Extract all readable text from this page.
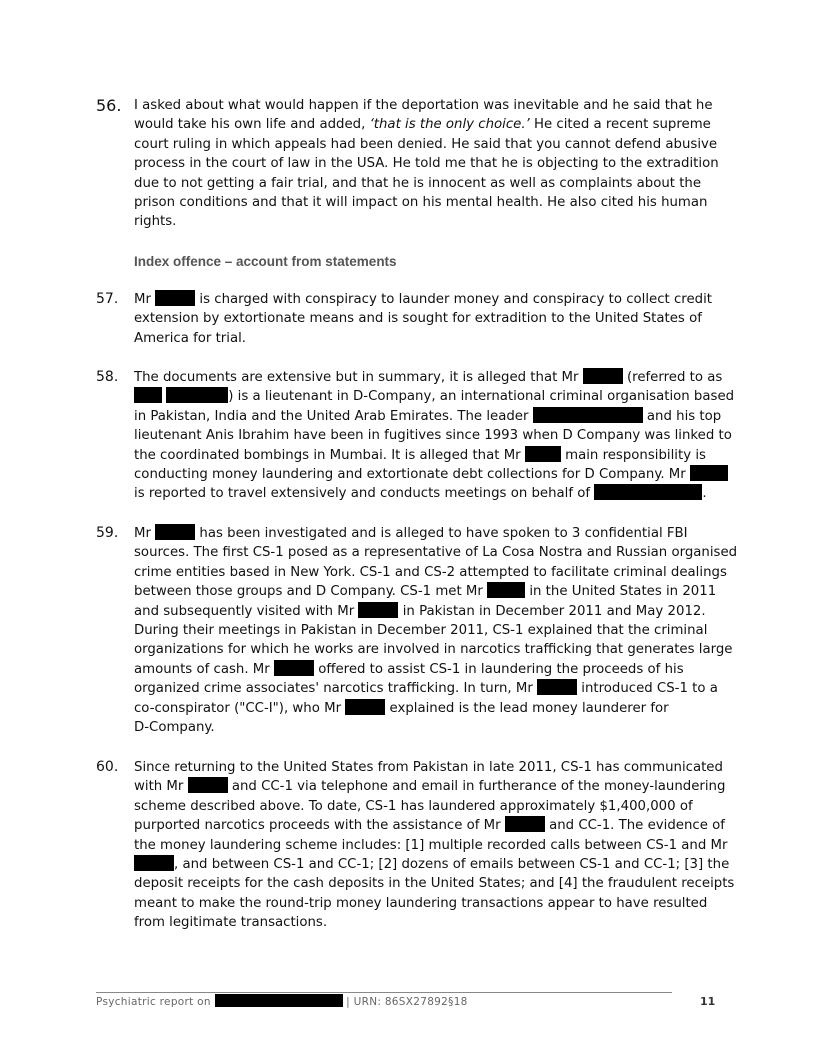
56. I asked about what would happen if the deportation was inevitable and he said that he
would take his own life and added, ‘that is the only choice.’ He cited a recent supreme
court ruling in which appeals had been denied. He said that you cannot defend abusive
process in the court of law in the USA. He told me that he is objecting to the extradition
due to not getting a fair trial, and that he is innocent as well as complaints about the
prison conditions and that it will impact on his mental health. He also cited his human
rights.
Index offence – account from statements
57.	Mr	is charged with conspiracy to launder money and conspiracy to collect credit
extension by extortionate means and is sought for extradition to the United States of
America for trial.
58.	The documents are extensive but in summary, it is alleged that Mr	(referred to as
) is a lieutenant in D-Company, an international criminal organisation based
in Pakistan, India and the United Arab Emirates. The leader	and his top
lieutenant Anis Ibrahim have been in fugitives since 1993 when D Company was linked to
the coordinated bombings in Mumbai. It is alleged that Mr	main responsibility is
conducting money laundering and extortionate debt collections for D Company. Mr
is reported to travel extensively and conducts meetings on behalf of	.
59.	Mr	has been investigated and is alleged to have spoken to 3 confidential FBI
sources. The first CS-1 posed as a representative of La Cosa Nostra and Russian organised
crime entities based in New York. CS-1 and CS-2 attempted to facilitate criminal dealings
between those groups and D Company. CS-1 met Mr	in the United States in 2011
and subsequently visited with Mr	in Pakistan in December 2011 and May 2012.
During their meetings in Pakistan in December 2011, CS-1 explained that the criminal
organizations for which he works are involved in narcotics trafficking that generates large
amounts of cash. Mr	offered to assist CS-1 in laundering the proceeds of his
organized crime associates' narcotics trafficking. In turn, Mr	introduced CS-1 to a
co-conspirator ("CC-I"), who Mr	explained is the lead money launderer for
D-Company.
60.	Since returning to the United States from Pakistan in late 2011, CS-1 has communicated
with Mr	and CC-1 via telephone and email in furtherance of the money-laundering
scheme described above. To date, CS-1 has laundered approximately $1,400,000 of
purported narcotics proceeds with the assistance of Mr	and CC-1. The evidence of
the money laundering scheme includes: [1] multiple recorded calls between CS-1 and Mr
, and between CS-1 and CC-1; [2] dozens of emails between CS-1 and CC-1; [3] the
deposit receipts for the cash deposits in the United States; and [4] the fraudulent receipts
meant to make the round-trip money laundering transactions appear to have resulted
from legitimate transactions.
Psychiatric report on	| URN: 86SX27892§18	11
